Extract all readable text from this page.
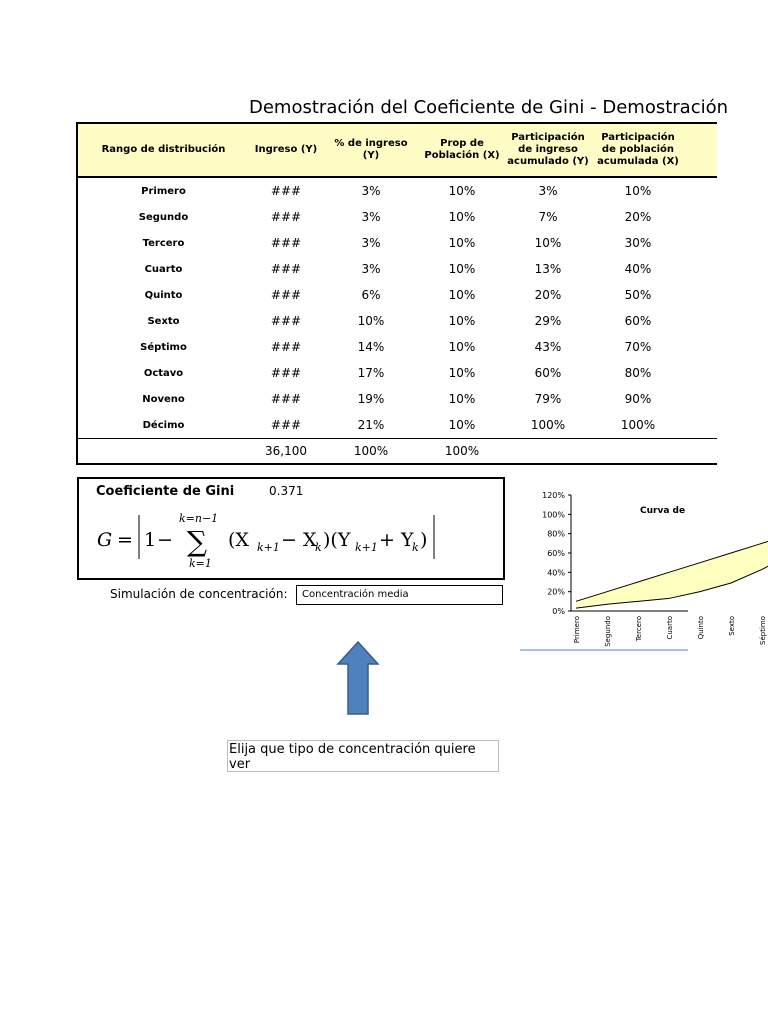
Demostración del Coeficiente de Gini - Demostración
Rango de distribución	Ingreso (Y)	% de ingreso (Y)	Prop de Población (X)	Participación de ingreso acumulado (Y)	Participación de población acumulada (X)	
Primero	###	3%	10%	3%	10%	
Segundo	###	3%	10%	7%	20%	
Tercero	###	3%	10%	10%	30%	
Cuarto	###	3%	10%	13%	40%	
Quinto	###	6%	10%	20%	50%	
Sexto	###	10%	10%	29%	60%	
Séptimo	###	14%	10%	43%	70%	
Octavo	###	17%	10%	60%	80%	
Noveno	###	19%	10%	79%	90%	
Décimo	###	21%	10%	100%	100%	
	36,100	100%	100%			
Coeficiente de Gini	0.371
G = 1 −
k=n−1
∑
k=1
(X k+1 − X
k )(Y k+1 + Y
k )
Simulación de concentración:	Concentración media
Elija que tipo de concentración quiere ver
0%
20%
40%
60%
80%
100%
120%
Primero	Segundo	Tercero	Cuarto	Quinto	Sexto	Séptimo
Curva de
